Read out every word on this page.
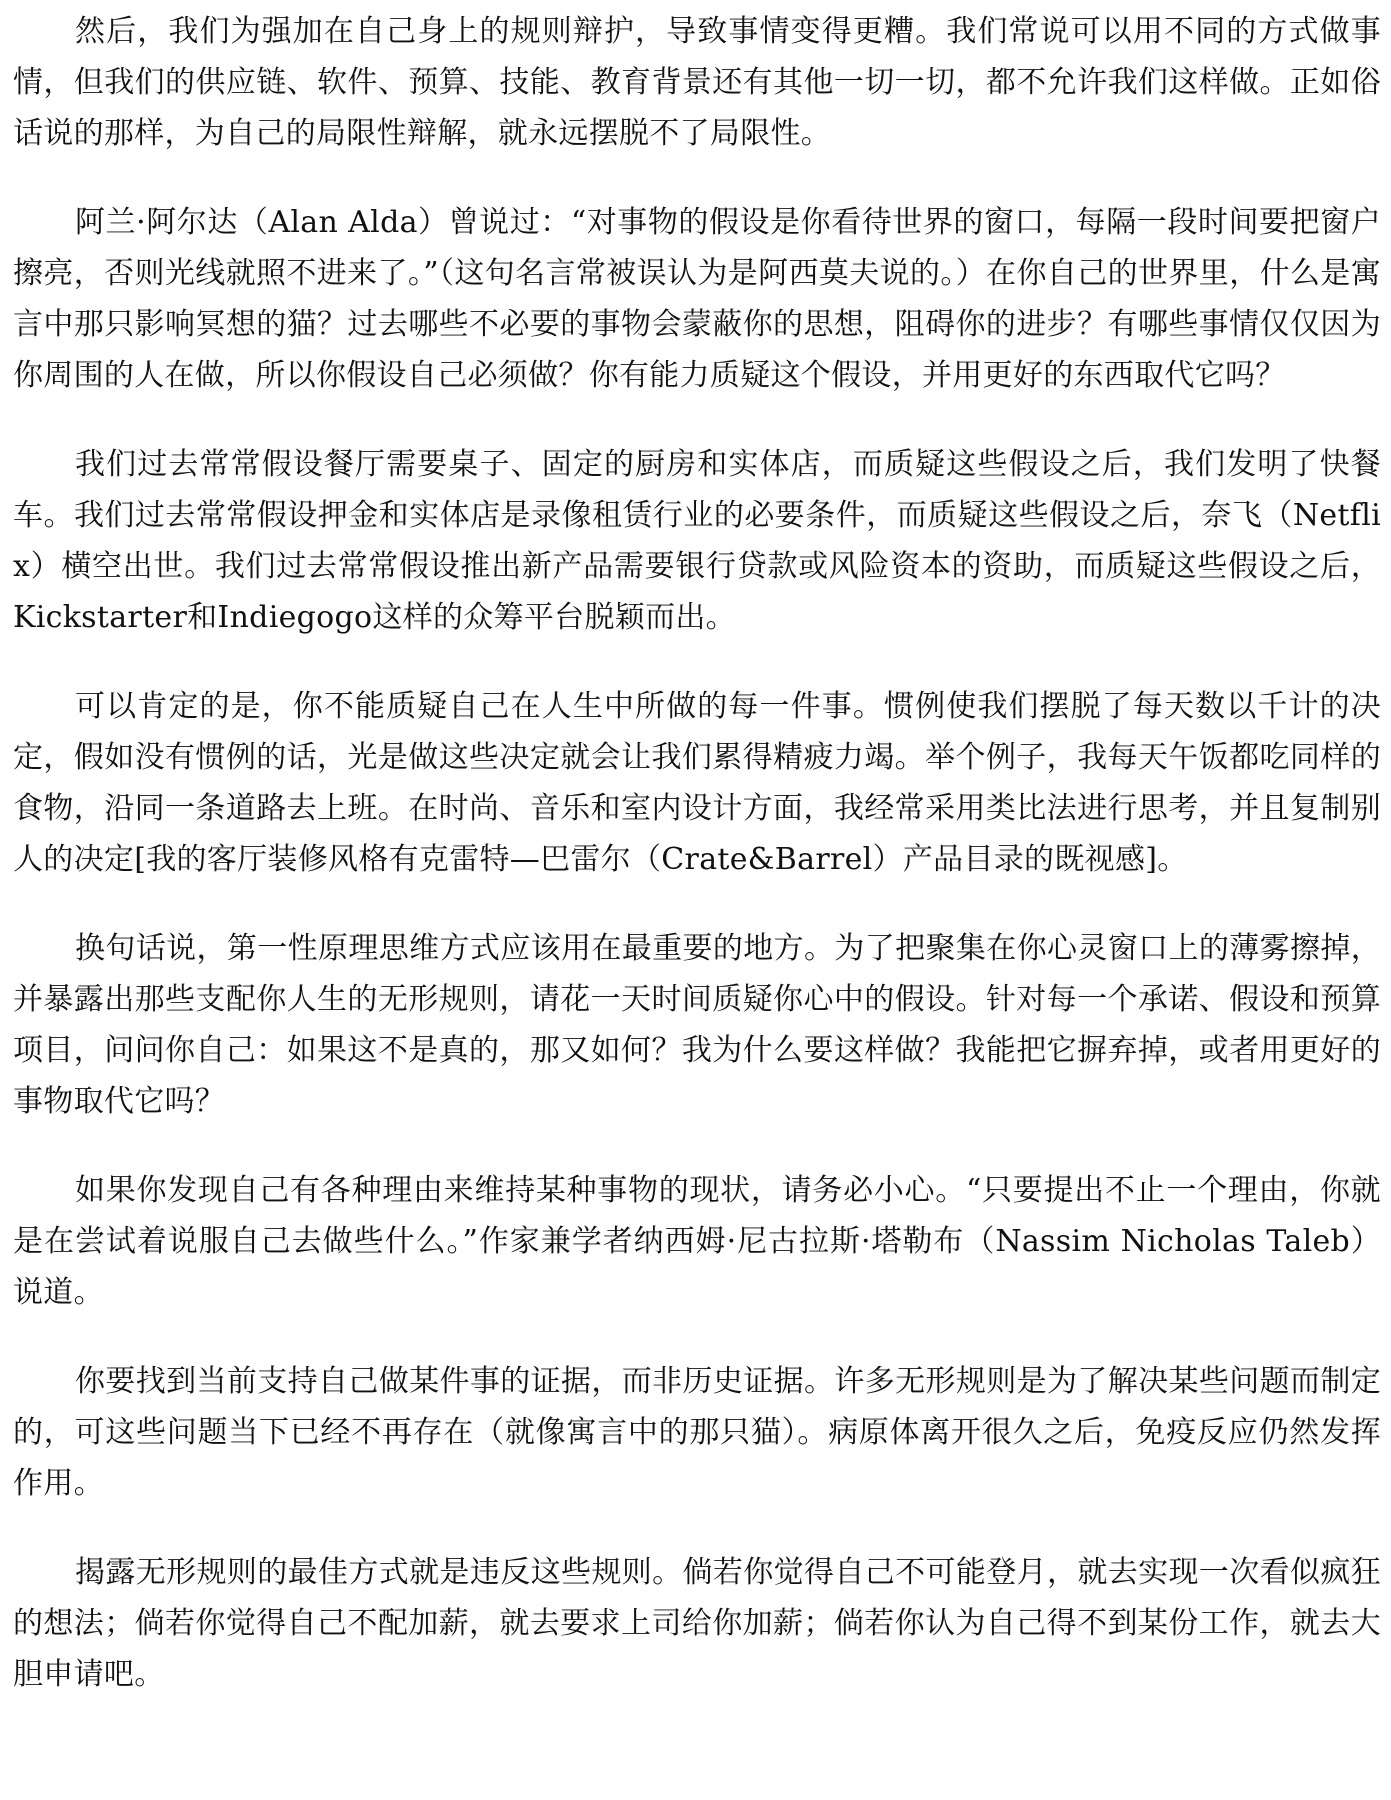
然后，我们为强加在自己身上的规则辩护，导致事情变得更糟。我们常说可以用不同的方式做事情，但我们的供应链、软件、预算、技能、教育背景还有其他一切一切，都不允许我们这样做。正如俗话说的那样，为自己的局限性辩解，就永远摆脱不了局限性。

阿兰·阿尔达（Alan Alda）曾说过：“对事物的假设是你看待世界的窗口，每隔一段时间要把窗户擦亮，否则光线就照不进来了。”（这句名言常被误认为是阿西莫夫说的。）在你自己的世界里，什么是寓言中那只影响冥想的猫？过去哪些不必要的事物会蒙蔽你的思想，阻碍你的进步？有哪些事情仅仅因为你周围的人在做，所以你假设自己必须做？你有能力质疑这个假设，并用更好的东西取代它吗？

我们过去常常假设餐厅需要桌子、固定的厨房和实体店，而质疑这些假设之后，我们发明了快餐车。我们过去常常假设押金和实体店是录像租赁行业的必要条件，而质疑这些假设之后，奈飞（Netflix）横空出世。我们过去常常假设推出新产品需要银行贷款或风险资本的资助，而质疑这些假设之后，Kickstarter和Indiegogo这样的众筹平台脱颖而出。

可以肯定的是，你不能质疑自己在人生中所做的每一件事。惯例使我们摆脱了每天数以千计的决定，假如没有惯例的话，光是做这些决定就会让我们累得精疲力竭。举个例子，我每天午饭都吃同样的食物，沿同一条道路去上班。在时尚、音乐和室内设计方面，我经常采用类比法进行思考，并且复制别人的决定[我的客厅装修风格有克雷特—巴雷尔（Crate&Barrel）产品目录的既视感]。

换句话说，第一性原理思维方式应该用在最重要的地方。为了把聚集在你心灵窗口上的薄雾擦掉，并暴露出那些支配你人生的无形规则，请花一天时间质疑你心中的假设。针对每一个承诺、假设和预算项目，问问你自己：如果这不是真的，那又如何？我为什么要这样做？我能把它摒弃掉，或者用更好的事物取代它吗？

如果你发现自己有各种理由来维持某种事物的现状，请务必小心。“只要提出不止一个理由，你就是在尝试着说服自己去做些什么。”作家兼学者纳西姆·尼古拉斯·塔勒布（Nassim Nicholas Taleb）说道。

你要找到当前支持自己做某件事的证据，而非历史证据。许多无形规则是为了解决某些问题而制定的，可这些问题当下已经不再存在（就像寓言中的那只猫）。病原体离开很久之后，免疫反应仍然发挥作用。

揭露无形规则的最佳方式就是违反这些规则。倘若你觉得自己不可能登月，就去实现一次看似疯狂的想法；倘若你觉得自己不配加薪，就去要求上司给你加薪；倘若你认为自己得不到某份工作，就去大胆申请吧。
